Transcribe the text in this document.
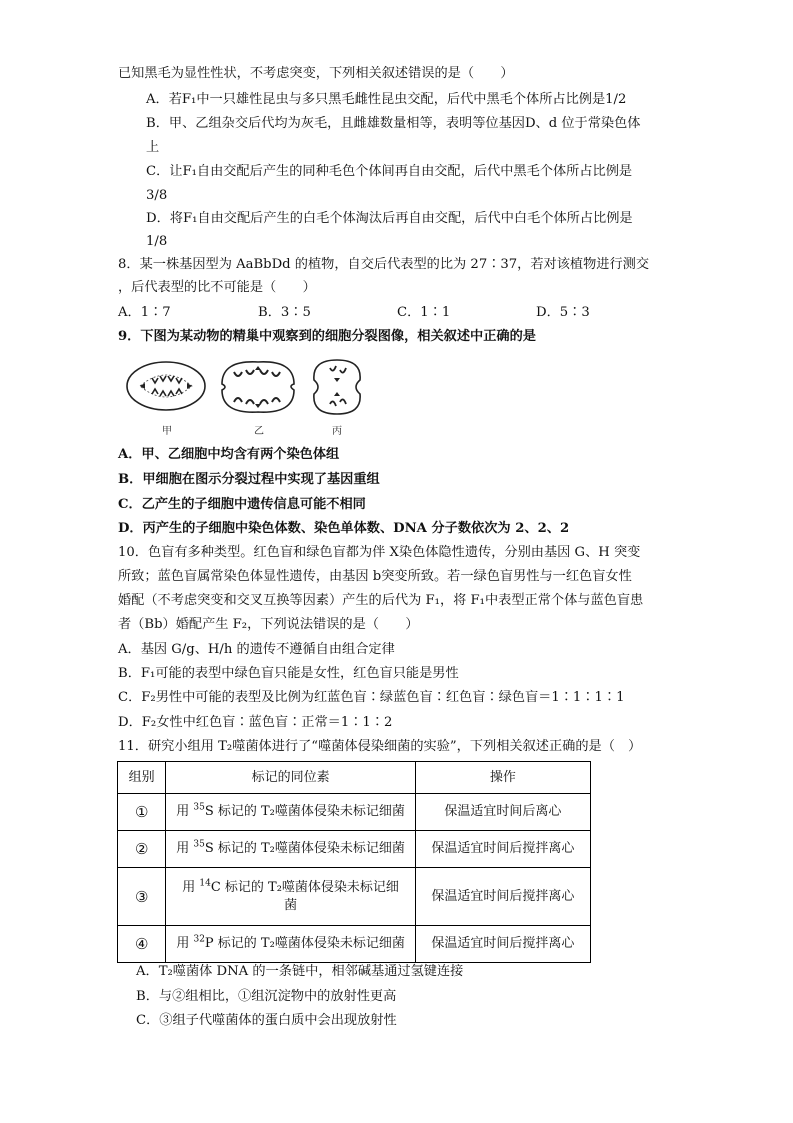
已知黑毛为显性性状，不考虑突变，下列相关叙述错误的是（　　）
A．若F₁中一只雄性昆虫与多只黑毛雌性昆虫交配，后代中黑毛个体所占比例是1/2
B．甲、乙组杂交后代均为灰毛，且雌雄数量相等，表明等位基因D、d 位于常染色体
上
C．让F₁自由交配后产生的同种毛色个体间再自由交配，后代中黑毛个体所占比例是
3/8
D．将F₁自由交配后产生的白毛个体淘汰后再自由交配，后代中白毛个体所占比例是
1/8
8．某一株基因型为 AaBbDd 的植物，自交后代表型的比为 27∶37，若对该植物进行测交
，后代表型的比不可能是（　　）
A．1∶7	B．3∶5	C．1∶1	D．5∶3
9．下图为某动物的精巢中观察到的细胞分裂图像，相关叙述中正确的是
甲	乙	丙
A．甲、乙细胞中均含有两个染色体组
B．甲细胞在图示分裂过程中实现了基因重组
C．乙产生的子细胞中遗传信息可能不相同
D．丙产生的子细胞中染色体数、染色单体数、DNA 分子数依次为 2、2、2
10．色盲有多种类型。红色盲和绿色盲都为伴 X染色体隐性遗传，分别由基因 G、H 突变
所致；蓝色盲属常染色体显性遗传，由基因 b突变所致。若一绿色盲男性与一红色盲女性
婚配（不考虑突变和交叉互换等因素）产生的后代为 F₁，将 F₁中表型正常个体与蓝色盲患
者（Bb）婚配产生 F₂，下列说法错误的是（　　）
A．基因 G/g、H/h 的遗传不遵循自由组合定律
B．F₁可能的表型中绿色盲只能是女性，红色盲只能是男性
C．F₂男性中可能的表型及比例为红蓝色盲∶绿蓝色盲∶红色盲∶绿色盲＝1∶1∶1∶1
D．F₂女性中红色盲∶蓝色盲∶正常＝1∶1∶2
11．研究小组用 T₂噬菌体进行了“噬菌体侵染细菌的实验”，下列相关叙述正确的是（　）
组别	标记的同位素	操作
①	用 $^{35}$S 标记的 T₂噬菌体侵染未标记细菌	保温适宜时间后离心
②	用 $^{35}$S 标记的 T₂噬菌体侵染未标记细菌	保温适宜时间后搅拌离心
③	用 $^{14}$C 标记的 T₂噬菌体侵染未标记细
菌	保温适宜时间后搅拌离心
④	用 $^{32}$P 标记的 T₂噬菌体侵染未标记细菌	保温适宜时间后搅拌离心
A．T₂噬菌体 DNA 的一条链中，相邻碱基通过氢键连接
B．与②组相比，①组沉淀物中的放射性更高
C．③组子代噬菌体的蛋白质中会出现放射性
